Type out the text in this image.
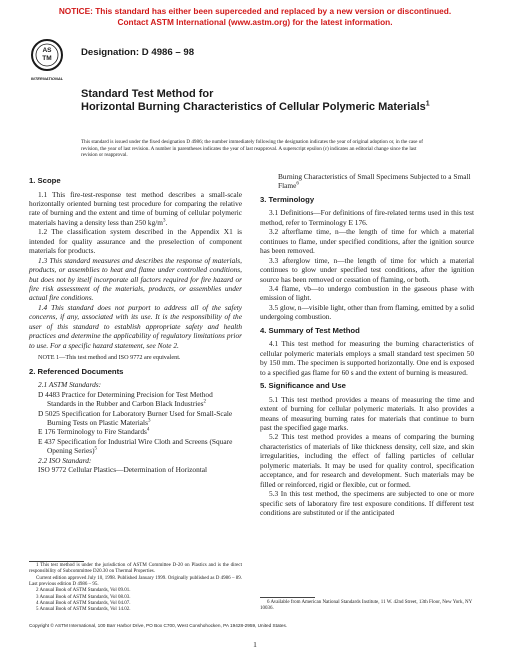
NOTICE: This standard has either been superceded and replaced by a new version or discontinued.
Contact ASTM International (www.astm.org) for the latest information.
AS
TM
INTERNATIONAL
Designation: D 4986 – 98
Standard Test Method for
Horizontal Burning Characteristics of Cellular Polymeric Materials$^1$
This standard is issued under the fixed designation D 4986; the number immediately following the designation indicates the year of original adoption or, in the case of revision, the year of last revision. A number in parentheses indicates the year of last reapproval. A superscript epsilon (ε) indicates an editorial change since the last revision or reapproval.
1. Scope

1.1 This fire-test-response test method describes a small-scale horizontally oriented burning test procedure for comparing the relative rate of burning and the extent and time of burning of cellular polymeric materials having a density less than 250 $kg/m^3$.

1.2 The classification system described in the Appendix X1 is intended for quality assurance and the preselection of component materials for products.

1.3 This standard measures and describes the response of materials, products, or assemblies to heat and flame under controlled conditions, but does not by itself incorporate all factors required for fire hazard or fire risk assessment of the materials, products, or assemblies under actual fire conditions.

1.4 This standard does not purport to address all of the safety concerns, if any, associated with its use. It is the responsibility of the user of this standard to establish appropriate safety and health practices and determine the applicability of regulatory limitations prior to use. For a specific hazard statement, see Note 2.

NOTE 1—This test method and ISO 9772 are equivalent.

2. Referenced Documents

2.1 ASTM Standards:

D 4483 Practice for Determining Precision for Test Method Standards in the Rubber and Carbon Black Industries$^2$

D 5025 Specification for Laboratory Burner Used for Small-Scale Burning Tests on Plastic Materials$^3$

E 176 Terminology to Fire Standards$^4$

E 437 Specification for Industrial Wire Cloth and Screens (Square Opening Series)$^5$

2.2 ISO Standard:

ISO 9772 Cellular Plastics—Determination of Horizontal

1 This test method is under the jurisdiction of ASTM Committee D-20 on Plastics and is the direct responsibility of Subcommittee D20.30 on Thermal Properties.

Current edition approved July 10, 1998. Published January 1999. Originally published as D 4986 – 89. Last previous edition D 4986 – 95.

2 Annual Book of ASTM Standards, Vol 09.01.

3 Annual Book of ASTM Standards, Vol 08.03.

4 Annual Book of ASTM Standards, Vol 04.07.

5 Annual Book of ASTM Standards, Vol 14.02.

Burning Characteristics of Small Specimens Subjected to a Small Flame$^6$

3. Terminology

3.1 Definitions—For definitions of fire-related terms used in this test method, refer to Terminology E 176.

3.2 afterflame time, n—the length of time for which a material continues to flame, under specified conditions, after the ignition source has been removed.

3.3 afterglow time, n—the length of time for which a material continues to glow under specified test conditions, after the ignition source has been removed or cessation of flaming, or both.

3.4 flame, vb—to undergo combustion in the gaseous phase with emission of light.

3.5 glow, n—visible light, other than from flaming, emitted by a solid undergoing combustion.

4. Summary of Test Method

4.1 This test method for measuring the burning characteristics of cellular polymeric materials employs a small standard test specimen 50 by 150 mm. The specimen is supported horizontally. One end is exposed to a specified gas flame for 60 s and the extent of burning is measured.

5. Significance and Use

5.1 This test method provides a means of measuring the time and extent of burning for cellular polymeric materials. It also provides a means of measuring burning rates for materials that continue to burn past the specified gage marks.

5.2 This test method provides a means of comparing the burning characteristics of materials of like thickness density, cell size, and skin irregularities, including the effect of falling particles of cellular polymeric materials. It may be used for quality control, specification acceptance, and for research and development. Such materials may be filled or reinforced, rigid or flexible, cut or formed.

5.3 In this test method, the specimens are subjected to one or more specific sets of laboratory fire test exposure conditions. If different test conditions are substituted or if the anticipated

6 Available from American National Standards Institute, 11 W. 42nd Street, 13th Floor, New York, NY 10036.

Copyright © ASTM International, 100 Barr Harbor Drive, PO Box C700, West Conshohocken, PA 19428-2959, United States.
1
